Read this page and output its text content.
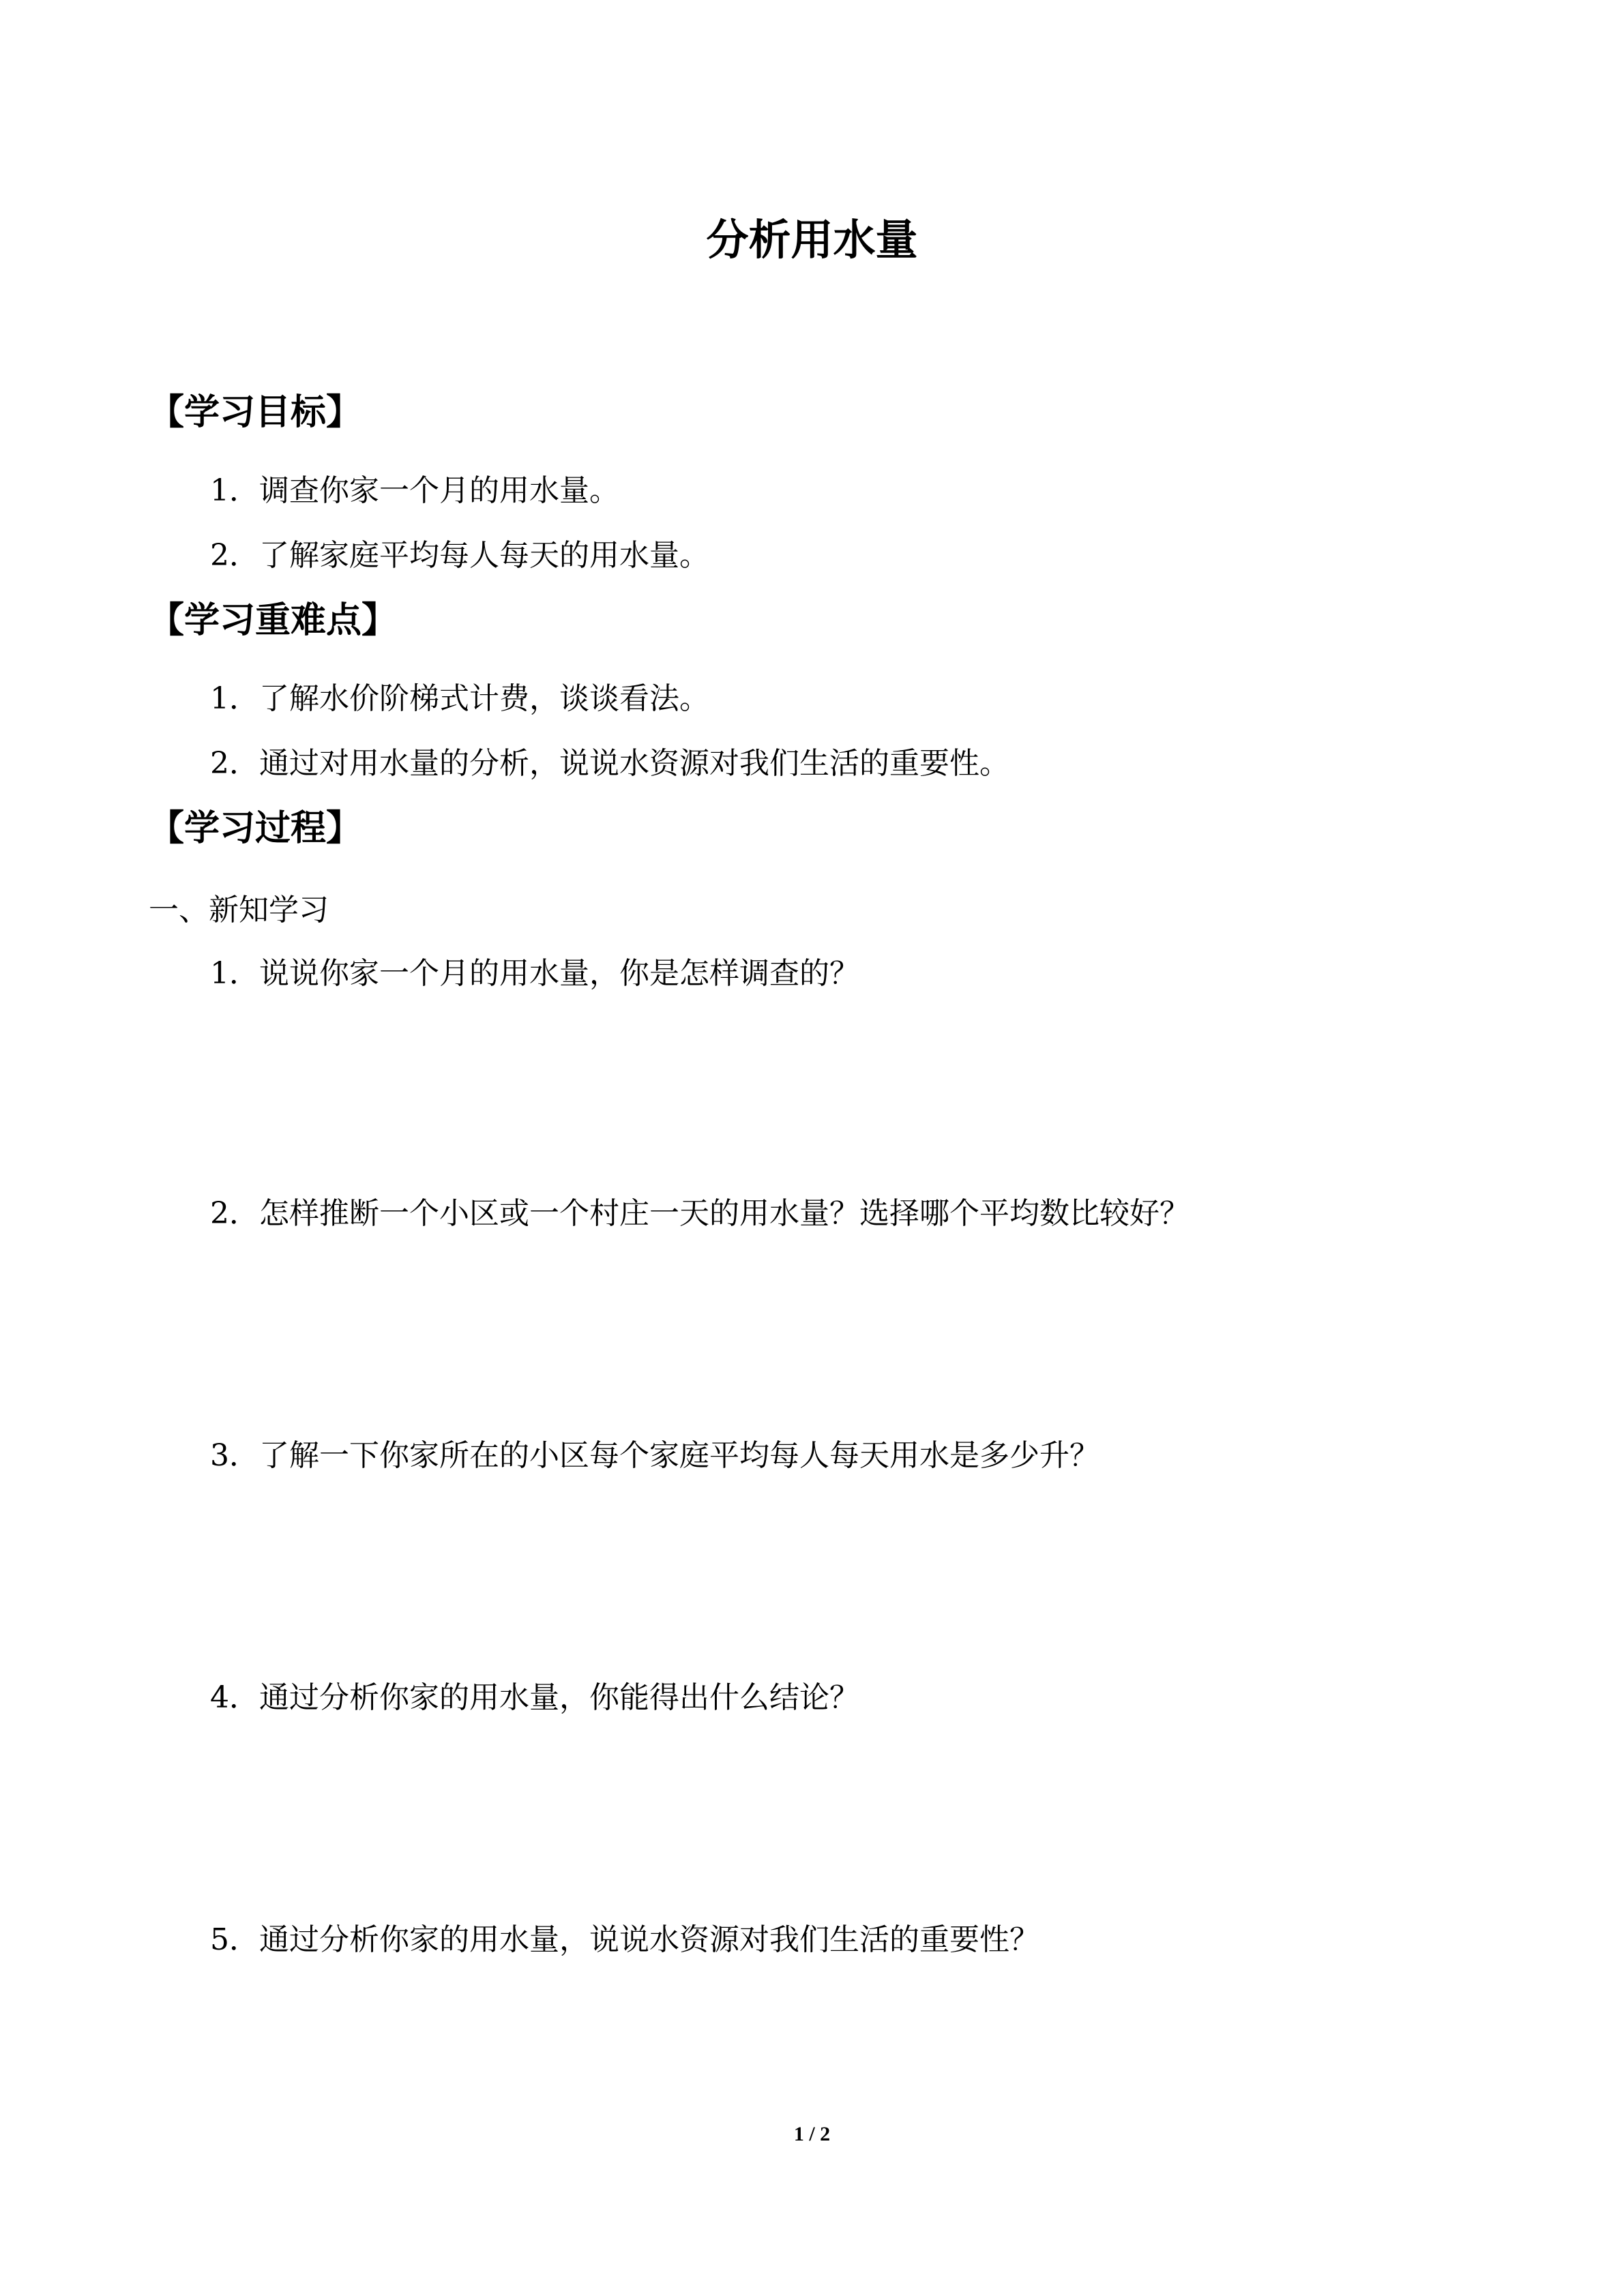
分析用水量
【学习目标】
1．调查你家一个月的用水量。
2．了解家庭平均每人每天的用水量。
【学习重难点】
1．了解水价阶梯式计费，谈谈看法。
2．通过对用水量的分析，说说水资源对我们生活的重要性。
【学习过程】
一、新知学习
1．说说你家一个月的用水量，你是怎样调查的？
2．怎样推断一个小区或一个村庄一天的用水量？选择哪个平均数比较好？
3．了解一下你家所在的小区每个家庭平均每人每天用水是多少升？
4．通过分析你家的用水量，你能得出什么结论？
5．通过分析你家的用水量，说说水资源对我们生活的重要性？
1 / 2
